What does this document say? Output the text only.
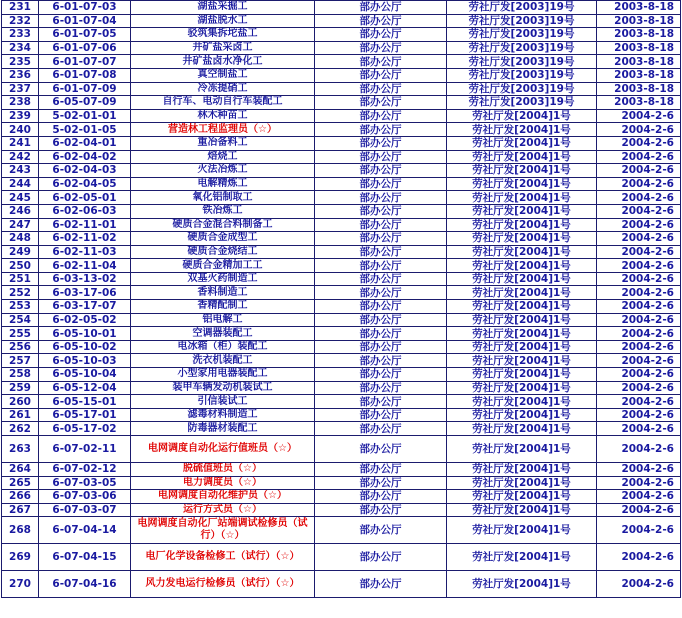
231	6-01-07-03	湖盐采掘工	部办公厅	劳社厅发[2003]19号	2003-8-18
232	6-01-07-04	湖盐脱水工	部办公厅	劳社厅发[2003]19号	2003-8-18
233	6-01-07-05	驳筑集拆坨盐工	部办公厅	劳社厅发[2003]19号	2003-8-18
234	6-01-07-06	井矿盐采卤工	部办公厅	劳社厅发[2003]19号	2003-8-18
235	6-01-07-07	井矿盐卤水净化工	部办公厅	劳社厅发[2003]19号	2003-8-18
236	6-01-07-08	真空制盐工	部办公厅	劳社厅发[2003]19号	2003-8-18
237	6-01-07-09	冷冻提硝工	部办公厅	劳社厅发[2003]19号	2003-8-18
238	6-05-07-09	自行车、电动自行车装配工	部办公厅	劳社厅发[2003]19号	2003-8-18
239	5-02-01-01	林木种苗工	部办公厅	劳社厅发[2004]1号	2004-2-6
240	5-02-01-05	营造林工程监理员（☆）	部办公厅	劳社厅发[2004]1号	2004-2-6
241	6-02-04-01	重冶备料工	部办公厅	劳社厅发[2004]1号	2004-2-6
242	6-02-04-02	焙烧工	部办公厅	劳社厅发[2004]1号	2004-2-6
243	6-02-04-03	火法冶炼工	部办公厅	劳社厅发[2004]1号	2004-2-6
244	6-02-04-05	电解精炼工	部办公厅	劳社厅发[2004]1号	2004-2-6
245	6-02-05-01	氧化铝制取工	部办公厅	劳社厅发[2004]1号	2004-2-6
246	6-02-06-03	铁冶炼工	部办公厅	劳社厅发[2004]1号	2004-2-6
247	6-02-11-01	硬质合金混合料制备工	部办公厅	劳社厅发[2004]1号	2004-2-6
248	6-02-11-02	硬质合金成型工	部办公厅	劳社厅发[2004]1号	2004-2-6
249	6-02-11-03	硬质合金烧结工	部办公厅	劳社厅发[2004]1号	2004-2-6
250	6-02-11-04	硬质合金精加工工	部办公厅	劳社厅发[2004]1号	2004-2-6
251	6-03-13-02	双基火药制造工	部办公厅	劳社厅发[2004]1号	2004-2-6
252	6-03-17-06	香料制造工	部办公厅	劳社厅发[2004]1号	2004-2-6
253	6-03-17-07	香精配制工	部办公厅	劳社厅发[2004]1号	2004-2-6
254	6-02-05-02	铝电解工	部办公厅	劳社厅发[2004]1号	2004-2-6
255	6-05-10-01	空调器装配工	部办公厅	劳社厅发[2004]1号	2004-2-6
256	6-05-10-02	电冰箱（柜）装配工	部办公厅	劳社厅发[2004]1号	2004-2-6
257	6-05-10-03	洗衣机装配工	部办公厅	劳社厅发[2004]1号	2004-2-6
258	6-05-10-04	小型家用电器装配工	部办公厅	劳社厅发[2004]1号	2004-2-6
259	6-05-12-04	装甲车辆发动机装试工	部办公厅	劳社厅发[2004]1号	2004-2-6
260	6-05-15-01	引信装试工	部办公厅	劳社厅发[2004]1号	2004-2-6
261	6-05-17-01	滤毒材料制造工	部办公厅	劳社厅发[2004]1号	2004-2-6
262	6-05-17-02	防毒器材装配工	部办公厅	劳社厅发[2004]1号	2004-2-6
263	6-07-02-11	电网调度自动化运行值班员（☆）	部办公厅	劳社厅发[2004]1号	2004-2-6
264	6-07-02-12	脱硫值班员（☆）	部办公厅	劳社厅发[2004]1号	2004-2-6
265	6-07-03-05	电力调度员（☆）	部办公厅	劳社厅发[2004]1号	2004-2-6
266	6-07-03-06	电网调度自动化维护员（☆）	部办公厅	劳社厅发[2004]1号	2004-2-6
267	6-07-03-07	运行方式员（☆）	部办公厅	劳社厅发[2004]1号	2004-2-6
268	6-07-04-14	电网调度自动化厂站端调试检修员（试行）（☆）	部办公厅	劳社厅发[2004]1号	2004-2-6
269	6-07-04-15	电厂化学设备检修工（试行）（☆）	部办公厅	劳社厅发[2004]1号	2004-2-6
270	6-07-04-16	风力发电运行检修员（试行）（☆）	部办公厅	劳社厅发[2004]1号	2004-2-6
